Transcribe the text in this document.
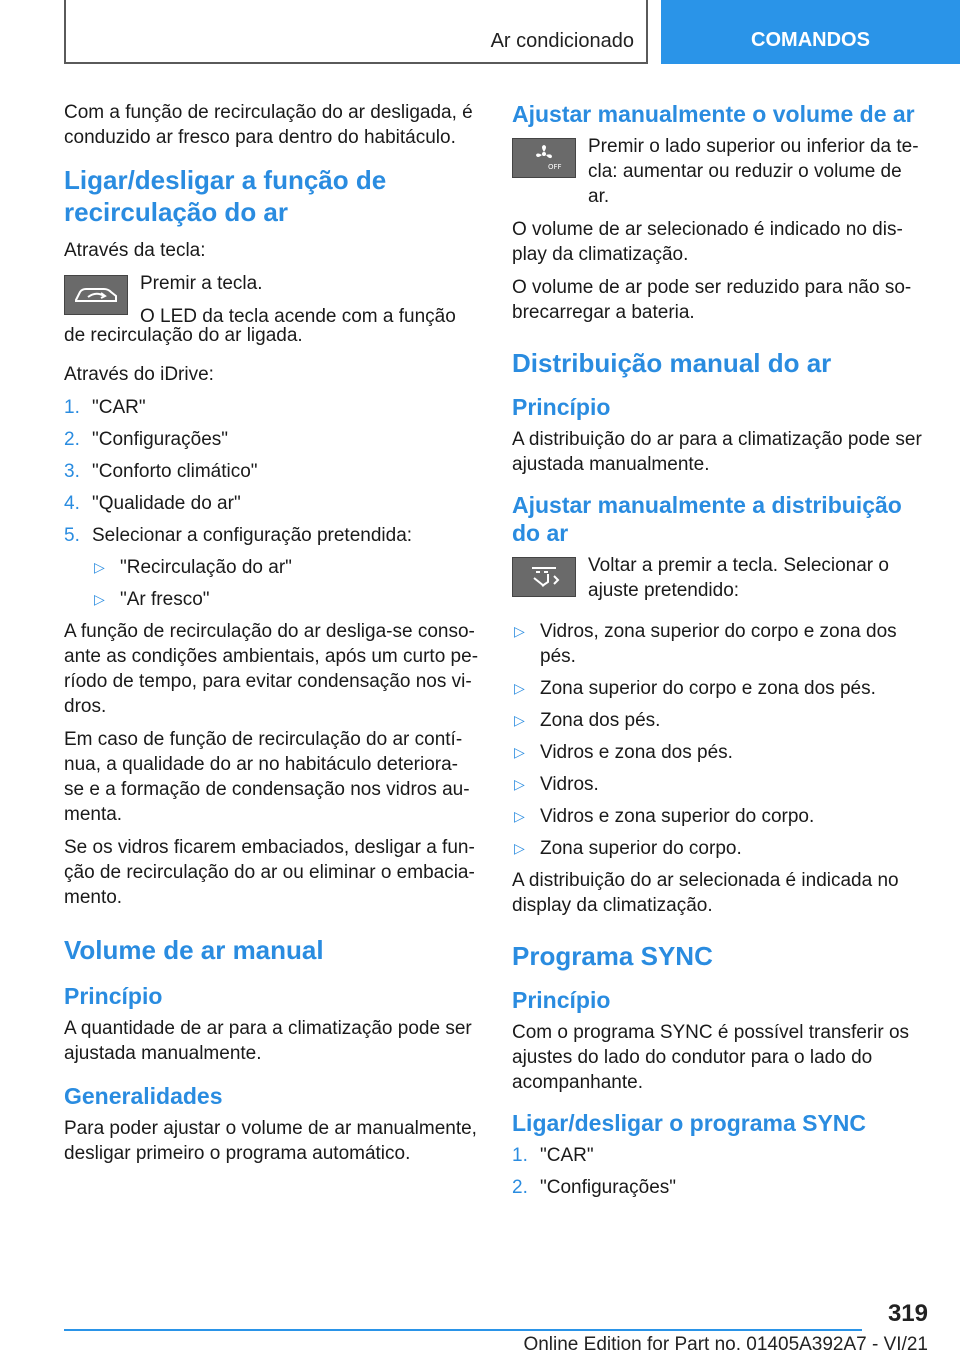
Ar condicionado	COMANDOS

Com a função de recirculação do ar desligada, é conduzido ar fresco para dentro do habitáculo.

Ligar/desligar a função de recirculação do ar

Através da tecla:

Premir a tecla.

O LED da tecla acende com a função

de recirculação do ar ligada.

Através do iDrive:

1. "CAR"
2. "Configurações"
3. "Conforto climático"
4. "Qualidade do ar"
5. Selecionar a configuração pretendida:
▷ "Recirculação do ar"
▷ "Ar fresco"

A função de recirculação do ar desliga-se consoante as condições ambientais, após um curto período de tempo, para evitar condensação nos vidros.

Em caso de função de recirculação do ar contínua, a qualidade do ar no habitáculo deteriora-se e a formação de condensação nos vidros aumenta.

Se os vidros ficarem embaciados, desligar a função de recirculação do ar ou eliminar o embaciamento.

Volume de ar manual
Princípio

A quantidade de ar para a climatização pode ser ajustada manualmente.

Generalidades

Para poder ajustar o volume de ar manualmente, desligar primeiro o programa automático.

Ajustar manualmente o volume de ar
OFF

Premir o lado superior ou inferior da tecla: aumentar ou reduzir o volume de ar.

O volume de ar selecionado é indicado no display da climatização.

O volume de ar pode ser reduzido para não sobrecarregar a bateria.

Distribuição manual do ar
Princípio

A distribuição do ar para a climatização pode ser ajustada manualmente.

Ajustar manualmente a distribuição do ar

Voltar a premir a tecla. Selecionar o ajuste pretendido:

▷ Vidros, zona superior do corpo e zona dos pés.
▷ Zona superior do corpo e zona dos pés.
▷ Zona dos pés.
▷ Vidros e zona dos pés.
▷ Vidros.
▷ Vidros e zona superior do corpo.
▷ Zona superior do corpo.

A distribuição do ar selecionada é indicada no display da climatização.

Programa SYNC
Princípio

Com o programa SYNC é possível transferir os ajustes do lado do condutor para o lado do acompanhante.

Ligar/desligar o programa SYNC
1. "CAR"
2. "Configurações"
319
Online Edition for Part no. 01405A392A7 - VI/21
